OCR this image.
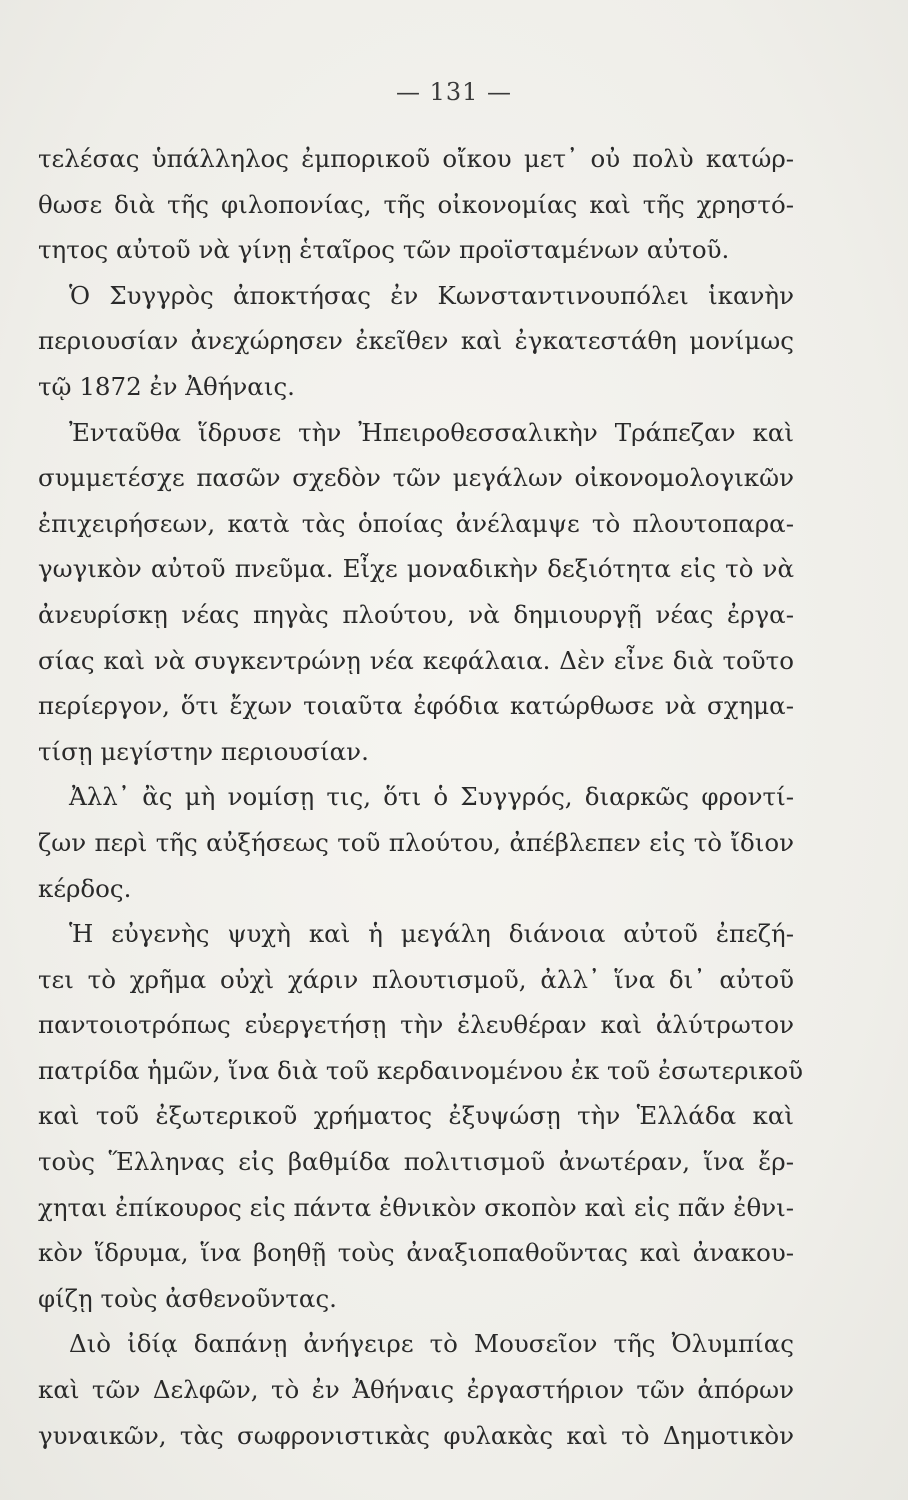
— 131 —
τελέσας ὑπάλληλος ἐμπορικοῦ οἴκου μετ᾽ οὐ πολὺ κατώρ-
θωσε διὰ τῆς φιλοπονίας, τῆς οἰκονομίας καὶ τῆς χρηστό-
τητος αὐτοῦ νὰ γίνῃ ἑταῖρος τῶν προϊσταμένων αὐτοῦ.
Ὁ Συγγρὸς ἀποκτήσας ἐν Κωνσταντινουπόλει ἱκανὴν
περιουσίαν ἀνεχώρησεν ἐκεῖθεν καὶ ἐγκατεστάθη μονίμως
τῷ 1872 ἐν Ἀθήναις.
Ἐνταῦθα ἵδρυσε τὴν Ἠπειροθεσσαλικὴν Τράπεζαν καὶ
συμμετέσχε πασῶν σχεδὸν τῶν μεγάλων οἰκονομολογικῶν
ἐπιχειρήσεων, κατὰ τὰς ὁποίας ἀνέλαμψε τὸ πλουτοπαρα-
γωγικὸν αὐτοῦ πνεῦμα. Εἶχε μοναδικὴν δεξιότητα εἰς τὸ νὰ
ἀνευρίσκῃ νέας πηγὰς πλούτου, νὰ δημιουργῇ νέας ἐργα-
σίας καὶ νὰ συγκεντρώνῃ νέα κεφάλαια. Δὲν εἶνε διὰ τοῦτο
περίεργον, ὅτι ἔχων τοιαῦτα ἐφόδια κατώρθωσε νὰ σχημα-
τίσῃ μεγίστην περιουσίαν.
Ἀλλ᾽ ἂς μὴ νομίσῃ τις, ὅτι ὁ Συγγρός, διαρκῶς φροντί-
ζων περὶ τῆς αὐξήσεως τοῦ πλούτου, ἀπέβλεπεν εἰς τὸ ἴδιον
κέρδος.
Ἡ εὐγενὴς ψυχὴ καὶ ἡ μεγάλη διάνοια αὐτοῦ ἐπεζή-
τει τὸ χρῆμα οὐχὶ χάριν πλουτισμοῦ, ἀλλ᾽ ἵνα δι᾽ αὐτοῦ
παντοιοτρόπως εὐεργετήσῃ τὴν ἐλευθέραν καὶ ἀλύτρωτον
πατρίδα ἡμῶν, ἵνα διὰ τοῦ κερδαινομένου ἐκ τοῦ ἐσωτερικοῦ
καὶ τοῦ ἐξωτερικοῦ χρήματος ἐξυψώσῃ τὴν Ἑλλάδα καὶ
τοὺς Ἕλληνας εἰς βαθμίδα πολιτισμοῦ ἀνωτέραν, ἵνα ἔρ-
χηται ἐπίκουρος εἰς πάντα ἐθνικὸν σκοπὸν καὶ εἰς πᾶν ἐθνι-
κὸν ἵδρυμα, ἵνα βοηθῇ τοὺς ἀναξιοπαθοῦντας καὶ ἀνακου-
φίζῃ τοὺς ἀσθενοῦντας.
Διὸ ἰδίᾳ δαπάνῃ ἀνήγειρε τὸ Μουσεῖον τῆς Ὀλυμπίας
καὶ τῶν Δελφῶν, τὸ ἐν Ἀθήναις ἐργαστήριον τῶν ἀπόρων
γυναικῶν, τὰς σωφρονιστικὰς φυλακὰς καὶ τὸ Δημοτικὸν
